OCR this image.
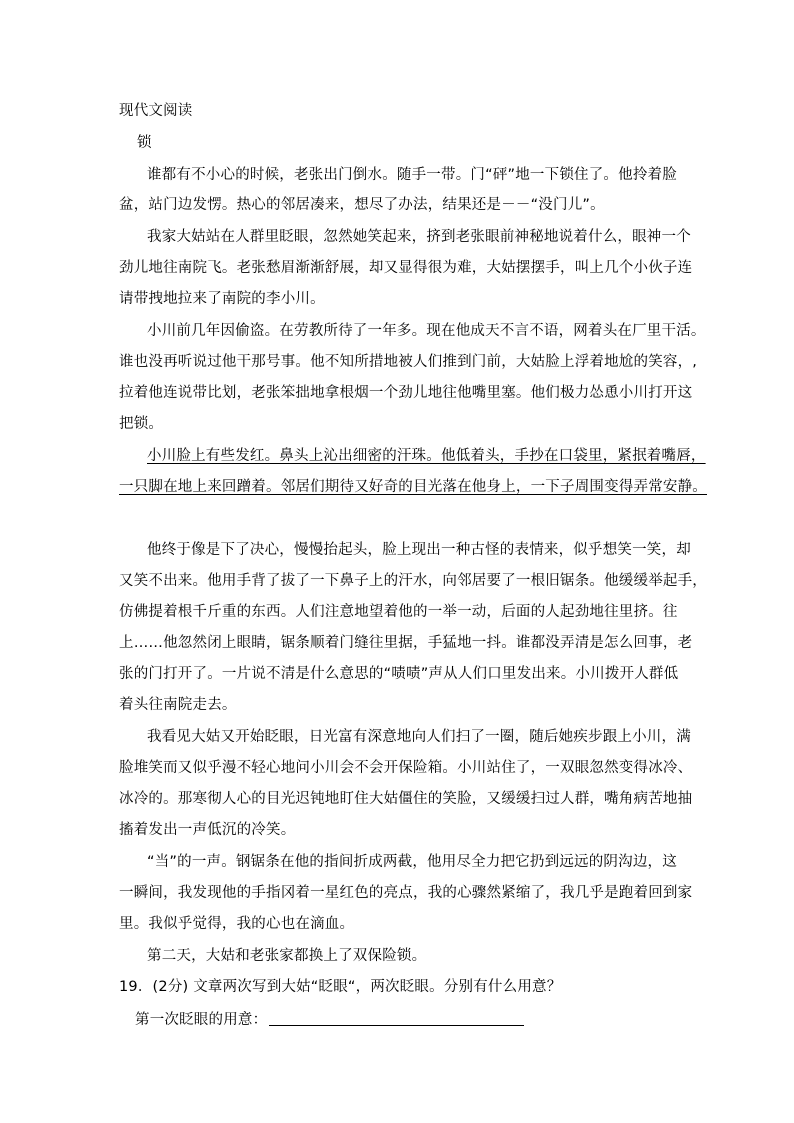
现代文阅读
锁
谁都有不小心的时候，老张出门倒水。随手一带。门“砰”地一下锁住了。他拎着脸
盆，站门边发愣。热心的邻居凑来，想尽了办法，结果还是－－“没门儿”。
我家大姑站在人群里眨眼，忽然她笑起来，挤到老张眼前神秘地说着什么，眼神一个
劲儿地往南院飞。老张愁眉渐渐舒展，却又显得很为难，大姑摆摆手，叫上几个小伙子连
请带拽地拉来了南院的李小川。
小川前几年因偷盗。在劳教所待了一年多。现在他成天不言不语，网着头在厂里干活。
谁也没再听说过他干那号事。他不知所措地被人们推到门前，大姑脸上浮着地尬的笑容，,
拉着他连说带比划，老张笨拙地拿根烟一个劲儿地往他嘴里塞。他们极力怂恿小川打开这
把锁。
小川脸上有些发红。鼻头上沁出细密的汗珠。他低着头，手抄在口袋里，紧抿着嘴唇，
一只脚在地上来回蹭着。邻居们期待又好奇的目光落在他身上，一下子周围变得弄常安静。
他终于像是下了决心，慢慢抬起头，脸上现出一种古怪的表情来，似乎想笑一笑，却
又笑不出来。他用手背了拔了一下鼻子上的汗水，向邻居要了一根旧锯条。他缓缓举起手，
仿佛提着根千斤重的东西。人们注意地望着他的一举一动，后面的人起劲地往里挤。往
上……他忽然闭上眼睛，锯条顺着门缝往里据，手猛地一抖。谁都没弄清是怎么回事，老
张的门打开了。一片说不清是什么意思的“啧啧”声从人们口里发出来。小川拨开人群低
着头往南院走去。
我看见大姑又开始眨眼，日光富有深意地向人们扫了一圈，随后她疾步跟上小川，满
脸堆笑而又似乎漫不轻心地问小川会不会开保险箱。小川站住了，一双眼忽然变得冰冷、
冰冷的。那寒彻人心的目光迟钝地盯住大姑僵住的笑脸，又缓缓扫过人群，嘴角病苦地抽
搐着发出一声低沉的冷笑。
“当”的一声。钢锯条在他的指间折成两截，他用尽全力把它扔到远远的阴沟边，这
一瞬间，我发现他的手指冈着一星红色的亮点，我的心骤然紧缩了，我几乎是跑着回到家
里。我似乎觉得，我的心也在滴血。
第二天，大姑和老张家都换上了双保险锁。
19．(2分) 文章两次写到大姑“眨眼“，两次眨眼。分别有什么用意？
第一次眨眼的用意：
